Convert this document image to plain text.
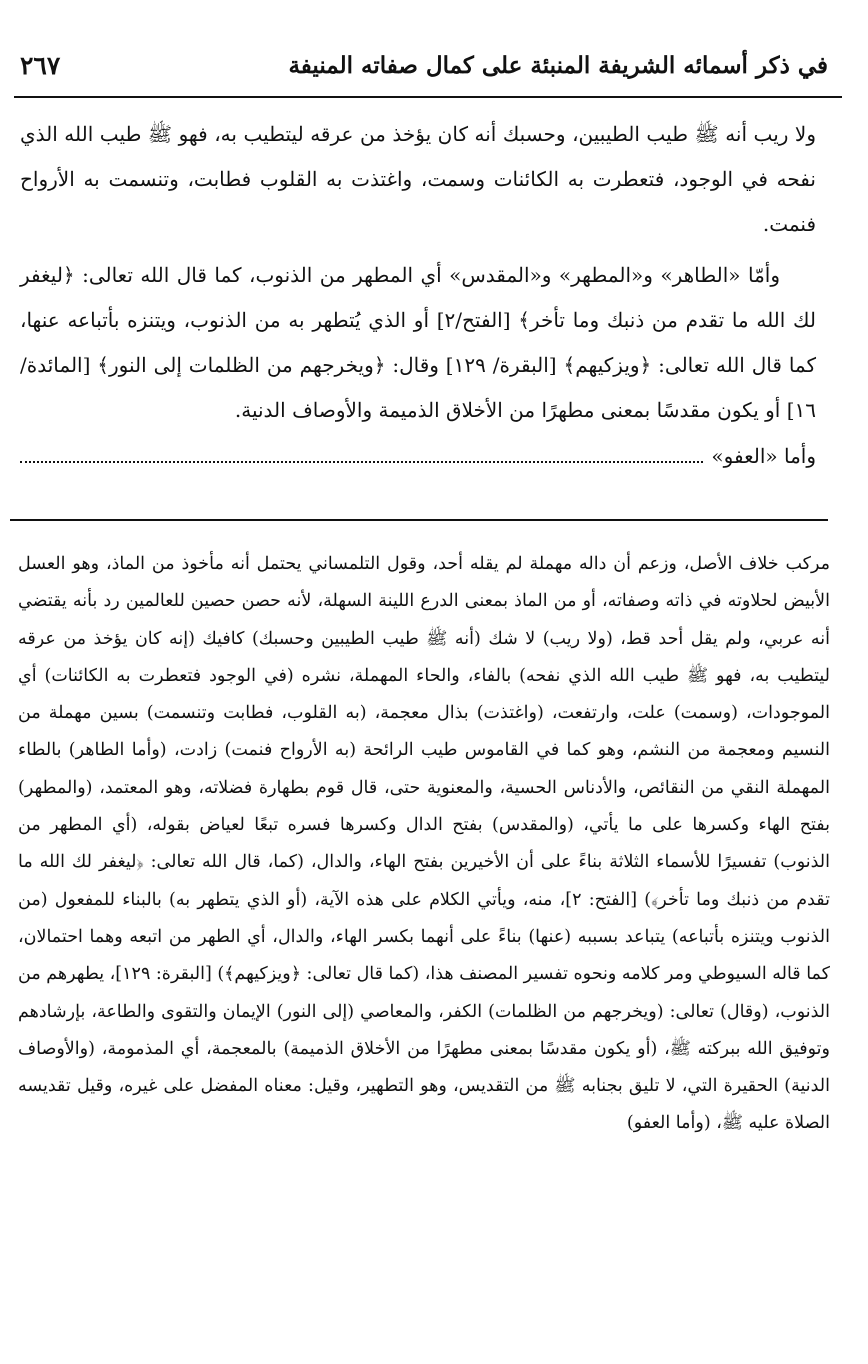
في ذكر أسمائه الشريفة المنبئة على كمال صفاته المنيفة
٢٦٧

ولا ريب أنه ﷺ طيب الطيبين، وحسبك أنه كان يؤخذ من عرقه ليتطيب به، فهو ﷺ طيب الله الذي نفحه في الوجود، فتعطرت به الكائنات وسمت، واغتذت به القلوب فطابت، وتنسمت به الأرواح فنمت.

وأمّا «الطاهر» و«المطهر» و«المقدس» أي المطهر من الذنوب، كما قال الله تعالى: ﴿ليغفر لك الله ما تقدم من ذنبك وما تأخر﴾ [الفتح/٢] أو الذي يُتطهر به من الذنوب، ويتنزه بأتباعه عنها، كما قال الله تعالى: ﴿ويزكيهم﴾ [البقرة/ ١٢٩] وقال: ﴿ويخرجهم من الظلمات إلى النور﴾ [المائدة/ ١٦] أو يكون مقدسًا بمعنى مطهرًا من الأخلاق الذميمة والأوصاف الدنية.

وأما «العفو»

مركب خلاف الأصل، وزعم أن داله مهملة لم يقله أحد، وقول التلمساني يحتمل أنه مأخوذ من الماذ، وهو العسل الأبيض لحلاوته في ذاته وصفاته، أو من الماذ بمعنى الدرع اللينة السهلة، لأنه حصن حصين للعالمين رد بأنه يقتضي أنه عربي، ولم يقل أحد قط، (ولا ريب) لا شك (أنه ﷺ طيب الطيبين وحسبك) كافيك (إنه كان يؤخذ من عرقه ليتطيب به، فهو ﷺ طيب الله الذي نفحه) بالفاء، والحاء المهملة، نشره (في الوجود فتعطرت به الكائنات) أي الموجودات، (وسمت) علت، وارتفعت، (واغتذت) بذال معجمة، (به القلوب، فطابت وتنسمت) بسين مهملة من النسيم ومعجمة من النشم، وهو كما في القاموس طيب الرائحة (به الأرواح فنمت) زادت، (وأما الطاهر) بالطاء المهملة النقي من النقائص، والأدناس الحسية، والمعنوية حتى، قال قوم بطهارة فضلاته، وهو المعتمد، (والمطهر) بفتح الهاء وكسرها على ما يأتي، (والمقدس) بفتح الدال وكسرها فسره تبعًا لعياض بقوله، (أي المطهر من الذنوب) تفسيرًا للأسماء الثلاثة بناءً على أن الأخيرين بفتح الهاء، والدال، (كما، قال الله تعالى: ﴿ليغفر لك الله ما تقدم من ذنبك وما تأخر﴾) [الفتح: ٢]، منه، ويأتي الكلام على هذه الآية، (أو الذي يتطهر به) بالبناء للمفعول (من الذنوب ويتنزه بأتباعه) يتباعد بسببه (عنها) بناءً على أنهما بكسر الهاء، والدال، أي الطهر من اتبعه وهما احتمالان، كما قاله السيوطي ومر كلامه ونحوه تفسير المصنف هذا، (كما قال تعالى: ﴿ويزكيهم﴾) [البقرة: ١٢٩]، يطهرهم من الذنوب، (وقال) تعالى: (ويخرجهم من الظلمات) الكفر، والمعاصي (إلى النور) الإيمان والتقوى والطاعة، بإرشادهم وتوفيق الله ببركته ﷺ، (أو يكون مقدسًا بمعنى مطهرًا من الأخلاق الذميمة) بالمعجمة، أي المذمومة، (والأوصاف الدنية) الحقيرة التي، لا تليق بجنابه ﷺ من التقديس، وهو التطهير، وقيل: معناه المفضل على غيره، وقيل تقديسه الصلاة عليه ﷺ، (وأما العفو)
